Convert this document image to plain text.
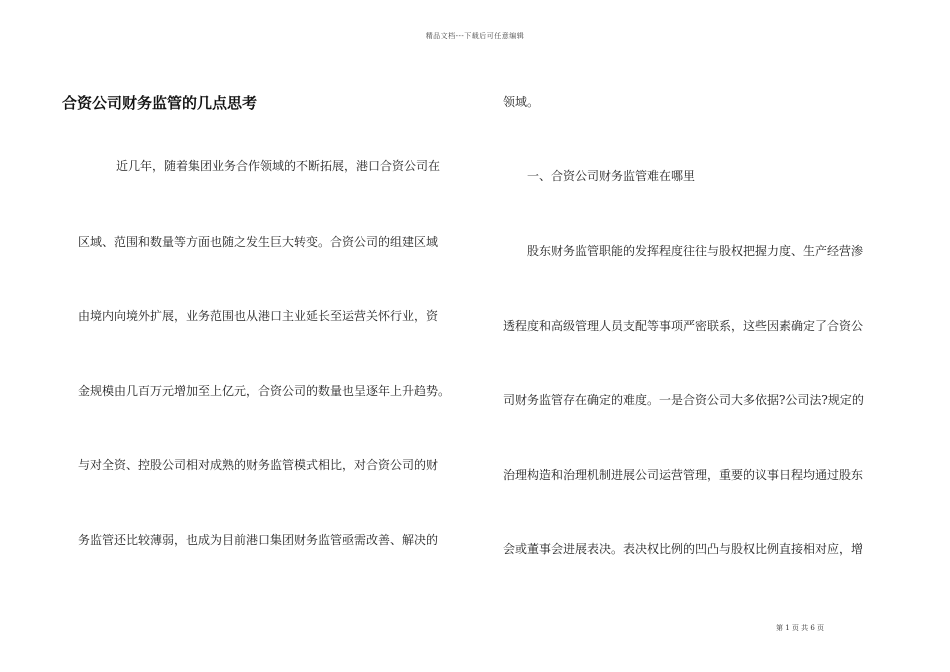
精品文档---下载后可任意编辑
合资公司财务监管的几点思考
近几年，随着集团业务合作领域的不断拓展，港口合资公司在
区域、范围和数量等方面也随之发生巨大转变。合资公司的组建区域
由境内向境外扩展，业务范围也从港口主业延长至运营关怀行业，资
金规模由几百万元增加至上亿元，合资公司的数量也呈逐年上升趋势。
与对全资、控股公司相对成熟的财务监管模式相比，对合资公司的财
务监管还比较薄弱，也成为目前港口集团财务监管亟需改善、解决的
领域。
一、合资公司财务监管难在哪里
股东财务监管职能的发挥程度往往与股权把握力度、生产经营渗
透程度和高级管理人员支配等事项严密联系，这些因素确定了合资公
司财务监管存在确定的难度。一是合资公司大多依据?公司法?规定的
治理构造和治理机制进展公司运营管理，重要的议事日程均通过股东
会或董事会进展表决。表决权比例的凹凸与股权比例直接相对应，增
第 1 页 共 6 页
